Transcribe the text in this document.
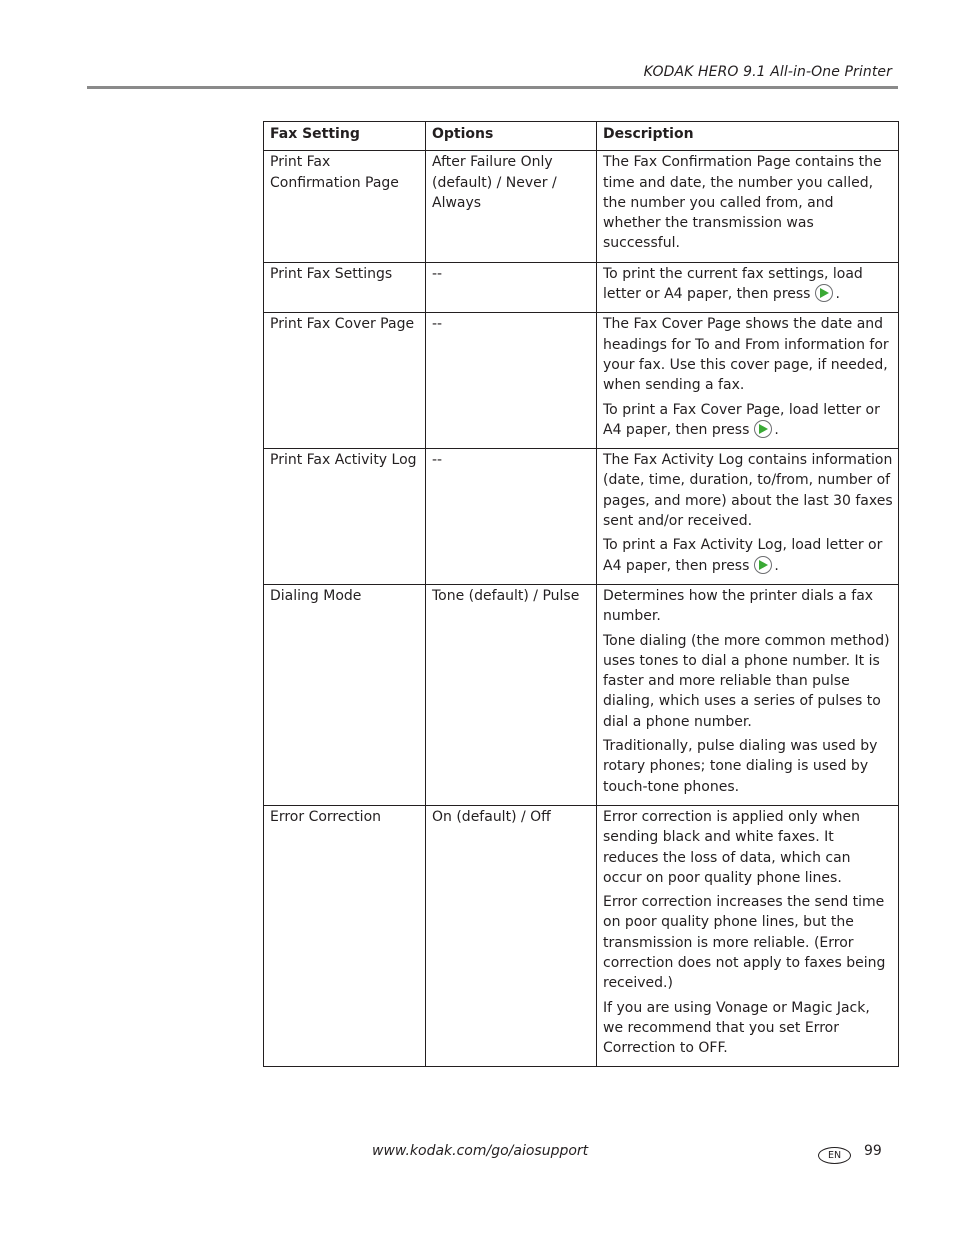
KODAK HERO 9.1 All-in-One Printer
Fax Setting	Options	Description
Print Fax Confirmation Page	After Failure Only (default) / Never / Always	The Fax Confirmation Page contains the time and date, the number you called, the number you called from, and whether the transmission was successful.

Print Fax Settings	--	To print the current fax settings, load letter or A4 paper, then press .

Print Fax Cover Page	--	The Fax Cover Page shows the date and headings for To and From information for your fax. Use this cover page, if needed, when sending a fax.

To print a Fax Cover Page, load letter or A4 paper, then press .

Print Fax Activity Log	--	The Fax Activity Log contains information (date, time, duration, to/from, number of pages, and more) about the last 30 faxes sent and/or received.

To print a Fax Activity Log, load letter or A4 paper, then press .

Dialing Mode	Tone (default) / Pulse	Determines how the printer dials a fax number.

Tone dialing (the more common method) uses tones to dial a phone number. It is faster and more reliable than pulse dialing, which uses a series of pulses to dial a phone number.

Traditionally, pulse dialing was used by rotary phones; tone dialing is used by touch-tone phones.

Error Correction	On (default) / Off	Error correction is applied only when sending black and white faxes. It reduces the loss of data, which can occur on poor quality phone lines.

Error correction increases the send time on poor quality phone lines, but the transmission is more reliable. (Error correction does not apply to faxes being received.)

If you are using Vonage or Magic Jack, we recommend that you set Error Correction to OFF.

www.kodak.com/go/aiosupport	EN	99
